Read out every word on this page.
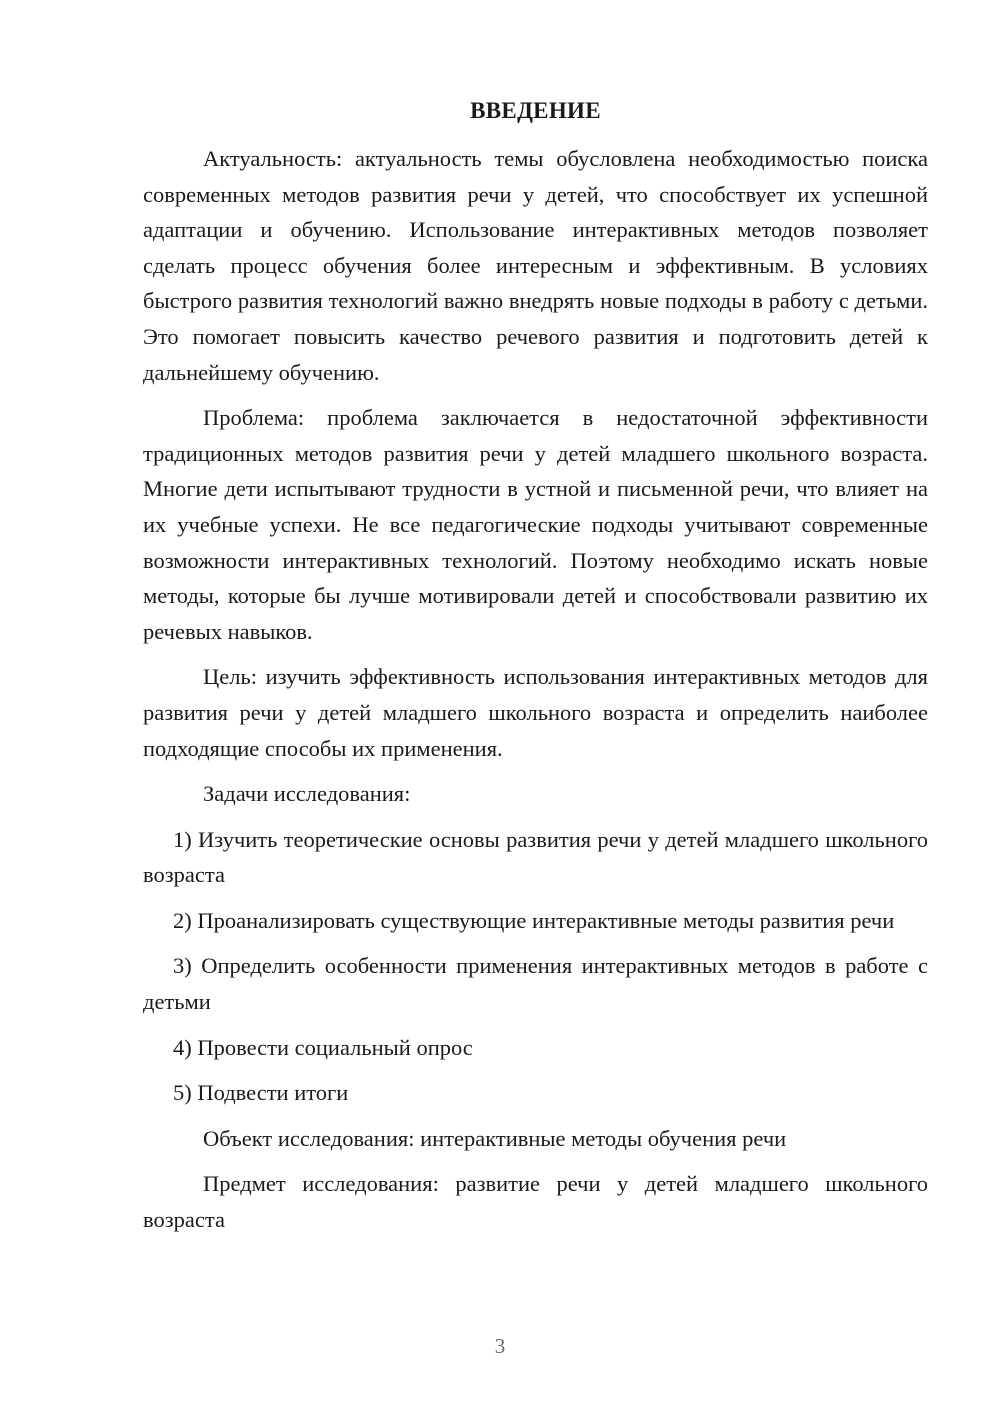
ВВЕДЕНИЕ

Актуальность: актуальность темы обусловлена необходимостью поиска современных методов развития речи у детей, что способствует их успешной адаптации и обучению. Использование интерактивных методов позволяет сделать процесс обучения более интересным и эффективным. В условиях быстрого развития технологий важно внедрять новые подходы в работу с детьми. Это помогает повысить качество речевого развития и подготовить детей к дальнейшему обучению.

Проблема: проблема заключается в недостаточной эффективности традиционных методов развития речи у детей младшего школьного возраста. Многие дети испытывают трудности в устной и письменной речи, что влияет на их учебные успехи. Не все педагогические подходы учитывают современные возможности интерактивных технологий. Поэтому необходимо искать новые методы, которые бы лучше мотивировали детей и способствовали развитию их речевых навыков.

Цель: изучить эффективность использования интерактивных методов для развития речи у детей младшего школьного возраста и определить наиболее подходящие способы их применения.

Задачи исследования:

1) Изучить теоретические основы развития речи у детей младшего школьного возраста

2) Проанализировать существующие интерактивные методы развития речи

3) Определить особенности применения интерактивных методов в работе с детьми

4) Провести социальный опрос

5) Подвести итоги

Объект исследования: интерактивные методы обучения речи

Предмет исследования: развитие речи у детей младшего школьного возраста

3
